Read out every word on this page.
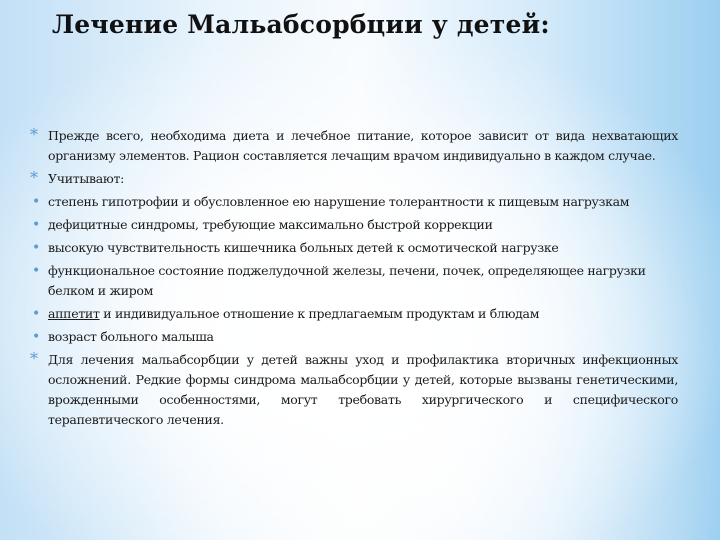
Лечение Мальабсорбции у детей:
* Прежде всего, необходима диета и лечебное питание, которое зависит от вида нехватающих организму элементов. Рацион составляется лечащим врачом индивидуально в каждом случае.
* Учитывают:
• степень гипотрофии и обусловленное ею нарушение толерантности к пищевым нагрузкам
• дефицитные синдромы, требующие максимально быстрой коррекции
• высокую чувствительность кишечника больных детей к осмотической нагрузке
• функциональное состояние поджелудочной железы, печени, почек, определяющее нагрузки белком и жиром
• аппетит и индивидуальное отношение к предлагаемым продуктам и блюдам
• возраст больного малыша
* Для лечения мальабсорбции у детей важны уход и профилактика вторичных инфекционных осложнений. Редкие формы синдрома мальабсорбции у детей, которые вызваны генетическими, врожденными особенностями, могут требовать хирургического и специфического терапевтического лечения.
